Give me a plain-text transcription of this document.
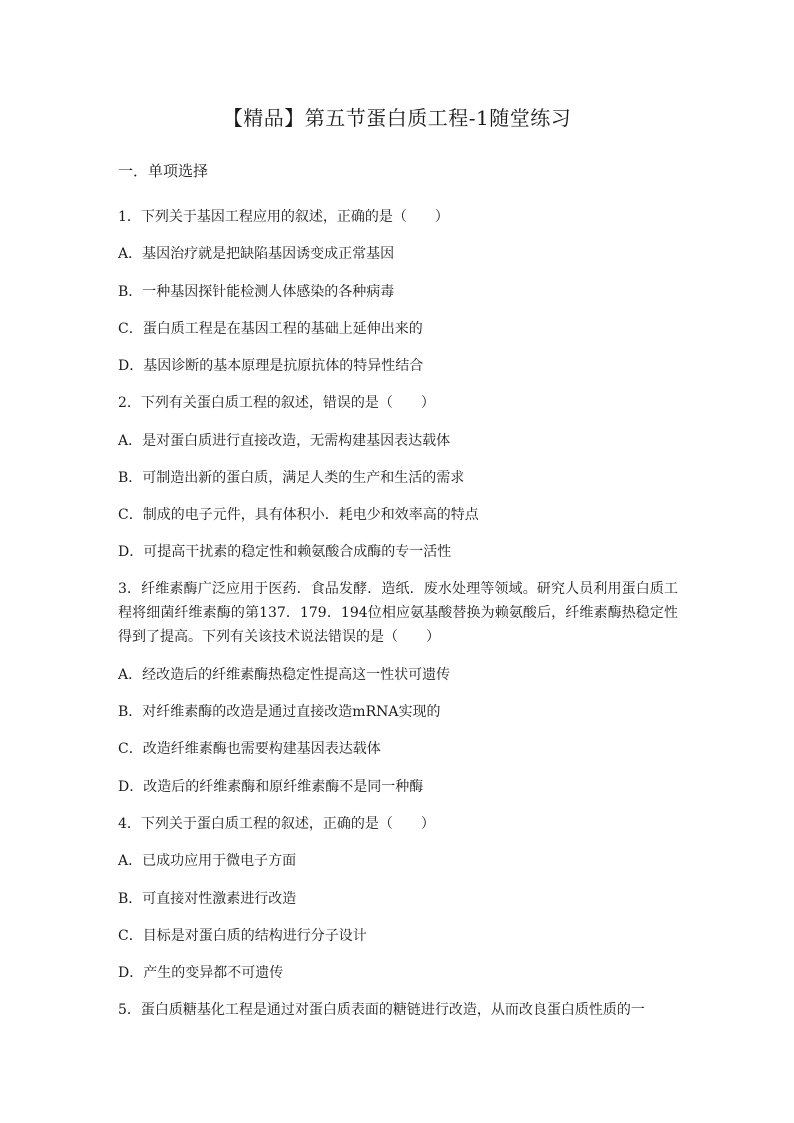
【精品】第五节蛋白质工程-1随堂练习
一．单项选择
1．下列关于基因工程应用的叙述，正确的是（　　）
A．基因治疗就是把缺陷基因诱变成正常基因
B．一种基因探针能检测人体感染的各种病毒
C．蛋白质工程是在基因工程的基础上延伸出来的
D．基因诊断的基本原理是抗原抗体的特异性结合
2．下列有关蛋白质工程的叙述，错误的是（　　）
A．是对蛋白质进行直接改造，无需构建基因表达载体
B．可制造出新的蛋白质，满足人类的生产和生活的需求
C．制成的电子元件，具有体积小．耗电少和效率高的特点
D．可提高干扰素的稳定性和赖氨酸合成酶的专一活性
3．纤维素酶广泛应用于医药．食品发酵．造纸．废水处理等领域。研究人员利用蛋白质工程将细菌纤维素酶的第137．179．194位相应氨基酸替换为赖氨酸后，纤维素酶热稳定性得到了提高。下列有关该技术说法错误的是（　　）
A．经改造后的纤维素酶热稳定性提高这一性状可遗传
B．对纤维素酶的改造是通过直接改造mRNA实现的
C．改造纤维素酶也需要构建基因表达载体
D．改造后的纤维素酶和原纤维素酶不是同一种酶
4．下列关于蛋白质工程的叙述，正确的是（　　）
A．已成功应用于微电子方面
B．可直接对性激素进行改造
C．目标是对蛋白质的结构进行分子设计
D．产生的变异都不可遗传
5．蛋白质糖基化工程是通过对蛋白质表面的糖链进行改造，从而改良蛋白质性质的一
